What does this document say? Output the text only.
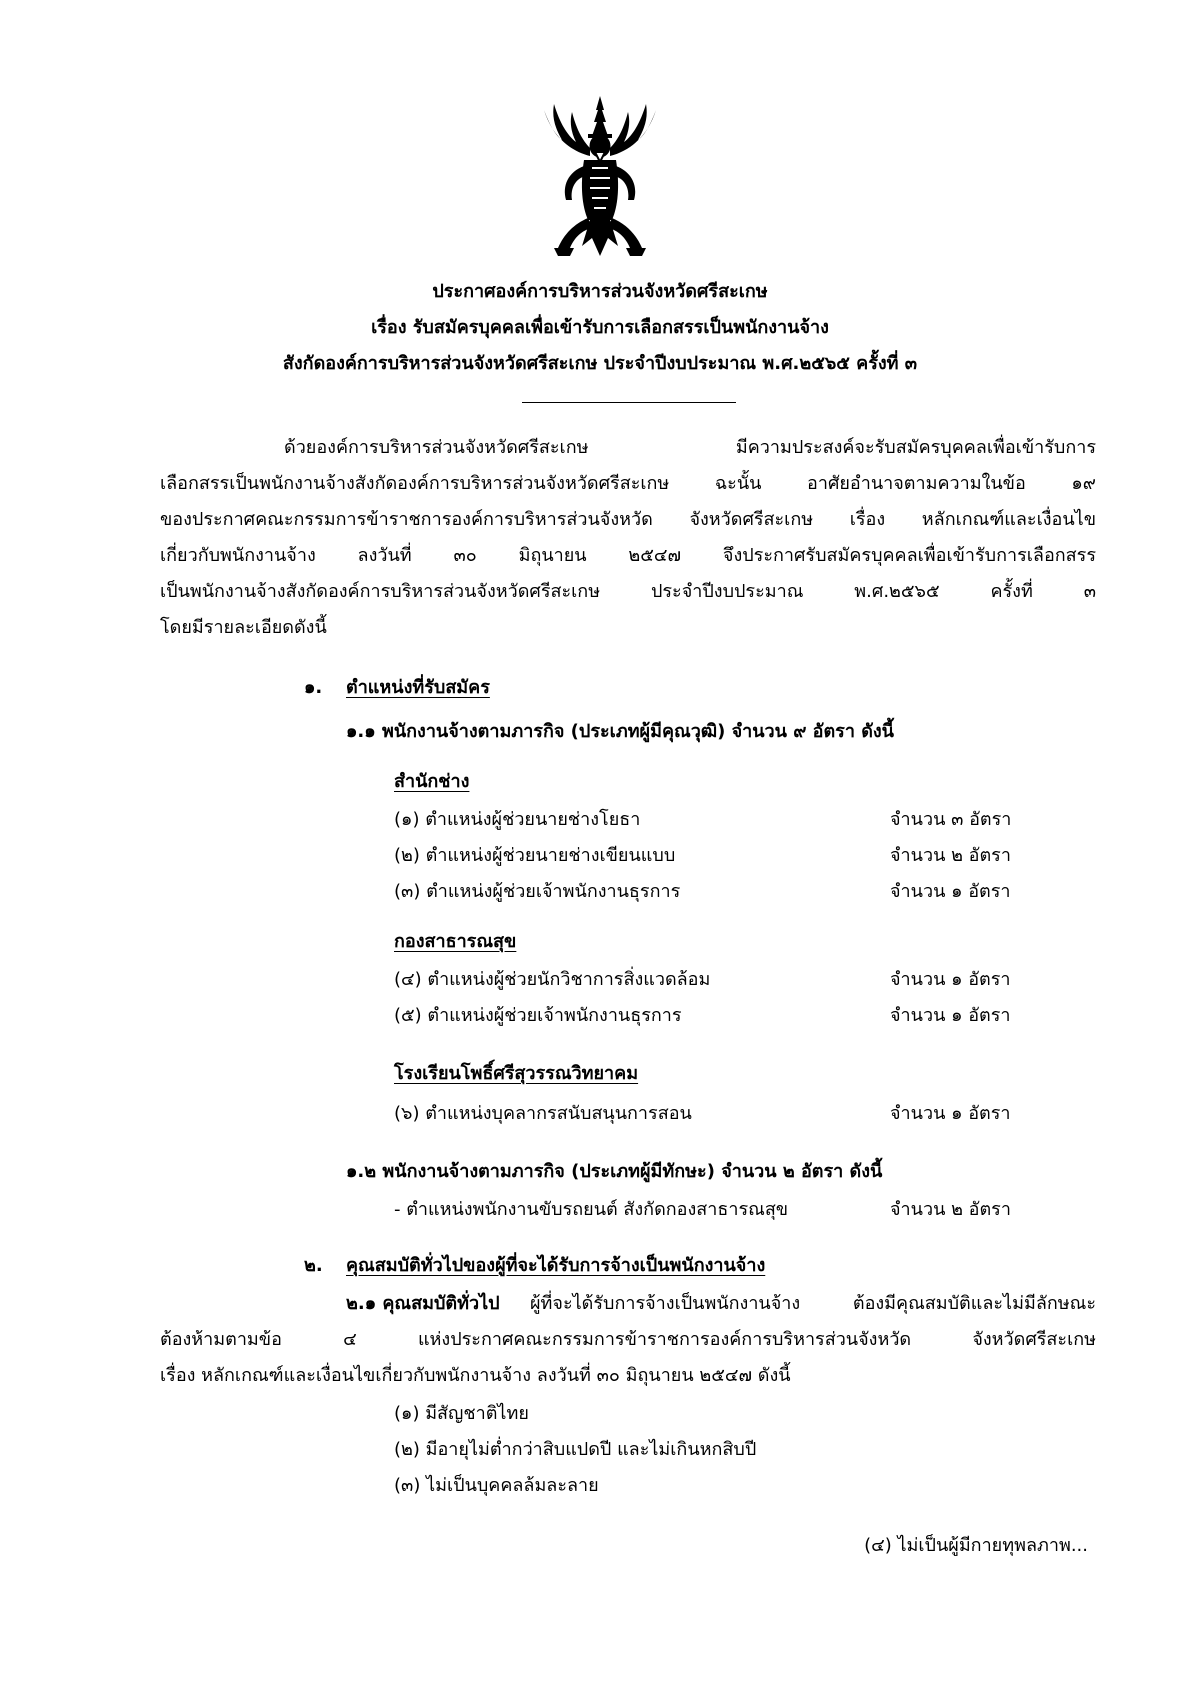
ประกาศองค์การบริหารส่วนจังหวัดศรีสะเกษ
เรื่อง รับสมัครบุคคลเพื่อเข้ารับการเลือกสรรเป็นพนักงานจ้าง
สังกัดองค์การบริหารส่วนจังหวัดศรีสะเกษ ประจำปีงบประมาณ พ.ศ.๒๕๖๕ ครั้งที่ ๓
ด้วยองค์การบริหารส่วนจังหวัดศรีสะเกษ มีความประสงค์จะรับสมัครบุคคลเพื่อเข้ารับการ
เลือกสรรเป็นพนักงานจ้างสังกัดองค์การบริหารส่วนจังหวัดศรีสะเกษ ฉะนั้น อาศัยอำนาจตามความในข้อ ๑๙
ของประกาศคณะกรรมการข้าราชการองค์การบริหารส่วนจังหวัด จังหวัดศรีสะเกษ เรื่อง หลักเกณฑ์และเงื่อนไข
เกี่ยวกับพนักงานจ้าง ลงวันที่ ๓๐ มิถุนายน ๒๕๔๗ จึงประกาศรับสมัครบุคคลเพื่อเข้ารับการเลือกสรร
เป็นพนักงานจ้างสังกัดองค์การบริหารส่วนจังหวัดศรีสะเกษ ประจำปีงบประมาณ พ.ศ.๒๕๖๕ ครั้งที่ ๓
โดยมีรายละเอียดดังนี้
๑. ตำแหน่งที่รับสมัคร
๑.๑ พนักงานจ้างตามภารกิจ (ประเภทผู้มีคุณวุฒิ) จำนวน ๙ อัตรา ดังนี้
สำนักช่าง
(๑) ตำแหน่งผู้ช่วยนายช่างโยธา	จำนวน ๓ อัตรา
(๒) ตำแหน่งผู้ช่วยนายช่างเขียนแบบ	จำนวน ๒ อัตรา
(๓) ตำแหน่งผู้ช่วยเจ้าพนักงานธุรการ	จำนวน ๑ อัตรา
กองสาธารณสุข
(๔) ตำแหน่งผู้ช่วยนักวิชาการสิ่งแวดล้อม	จำนวน ๑ อัตรา
(๕) ตำแหน่งผู้ช่วยเจ้าพนักงานธุรการ	จำนวน ๑ อัตรา
โรงเรียนโพธิ์ศรีสุวรรณวิทยาคม
(๖) ตำแหน่งบุคลากรสนับสนุนการสอน	จำนวน ๑ อัตรา
๑.๒ พนักงานจ้างตามภารกิจ (ประเภทผู้มีทักษะ) จำนวน ๒ อัตรา ดังนี้
- ตำแหน่งพนักงานขับรถยนต์ สังกัดกองสาธารณสุข	จำนวน ๒ อัตรา
๒. คุณสมบัติทั่วไปของผู้ที่จะได้รับการจ้างเป็นพนักงานจ้าง
๒.๑ คุณสมบัติทั่วไป ผู้ที่จะได้รับการจ้างเป็นพนักงานจ้าง ต้องมีคุณสมบัติและไม่มีลักษณะ
ต้องห้ามตามข้อ ๔ แห่งประกาศคณะกรรมการข้าราชการองค์การบริหารส่วนจังหวัด จังหวัดศรีสะเกษ
เรื่อง หลักเกณฑ์และเงื่อนไขเกี่ยวกับพนักงานจ้าง ลงวันที่ ๓๐ มิถุนายน ๒๕๔๗ ดังนี้
(๑) มีสัญชาติไทย
(๒) มีอายุไม่ต่ำกว่าสิบแปดปี และไม่เกินหกสิบปี
(๓) ไม่เป็นบุคคลล้มละลาย
(๔) ไม่เป็นผู้มีกายทุพลภาพ...
